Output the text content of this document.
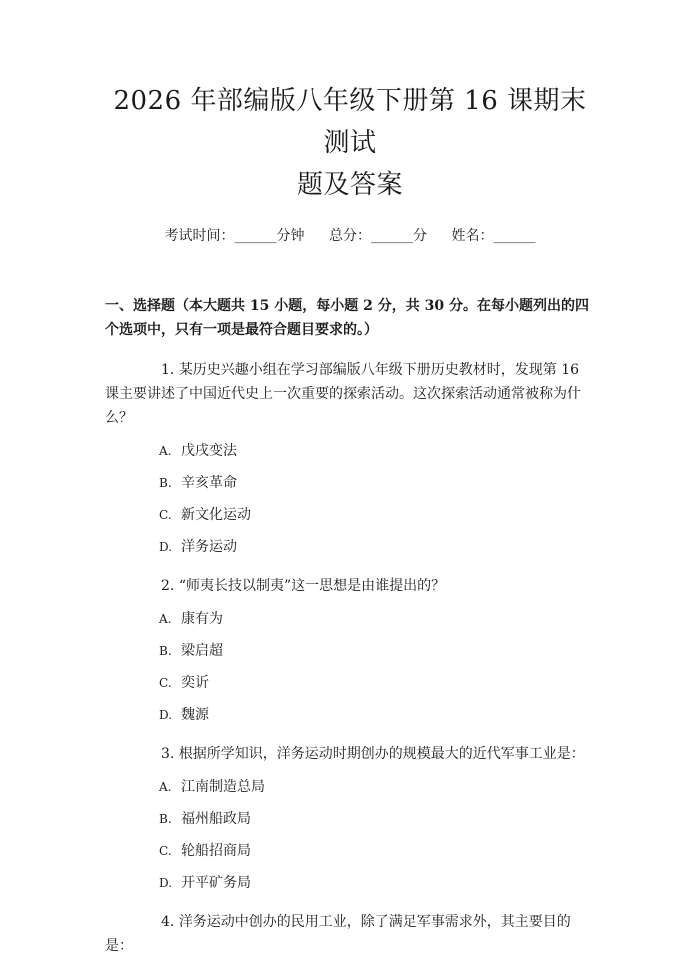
2026 年部编版八年级下册第 16 课期末测试
题及答案
考试时间：______分钟 总分：______分 姓名：______
一、选择题（本大题共 15 小题，每小题 2 分，共 30 分。在每小题列出的四个选项中，只有一项是最符合题目要求的。）
1. 某历史兴趣小组在学习部编版八年级下册历史教材时，发现第 16 课主要讲述了中国近代史上一次重要的探索活动。这次探索活动通常被称为什么？
A. 戊戌变法
B. 辛亥革命
C. 新文化运动
D. 洋务运动
2. “师夷长技以制夷”这一思想是由谁提出的？
A. 康有为
B. 梁启超
C. 奕䜣
D. 魏源
3. 根据所学知识，洋务运动时期创办的规模最大的近代军事工业是：
A. 江南制造总局
B. 福州船政局
C. 轮船招商局
D. 开平矿务局
4. 洋务运动中创办的民用工业，除了满足军事需求外，其主要目的是：
